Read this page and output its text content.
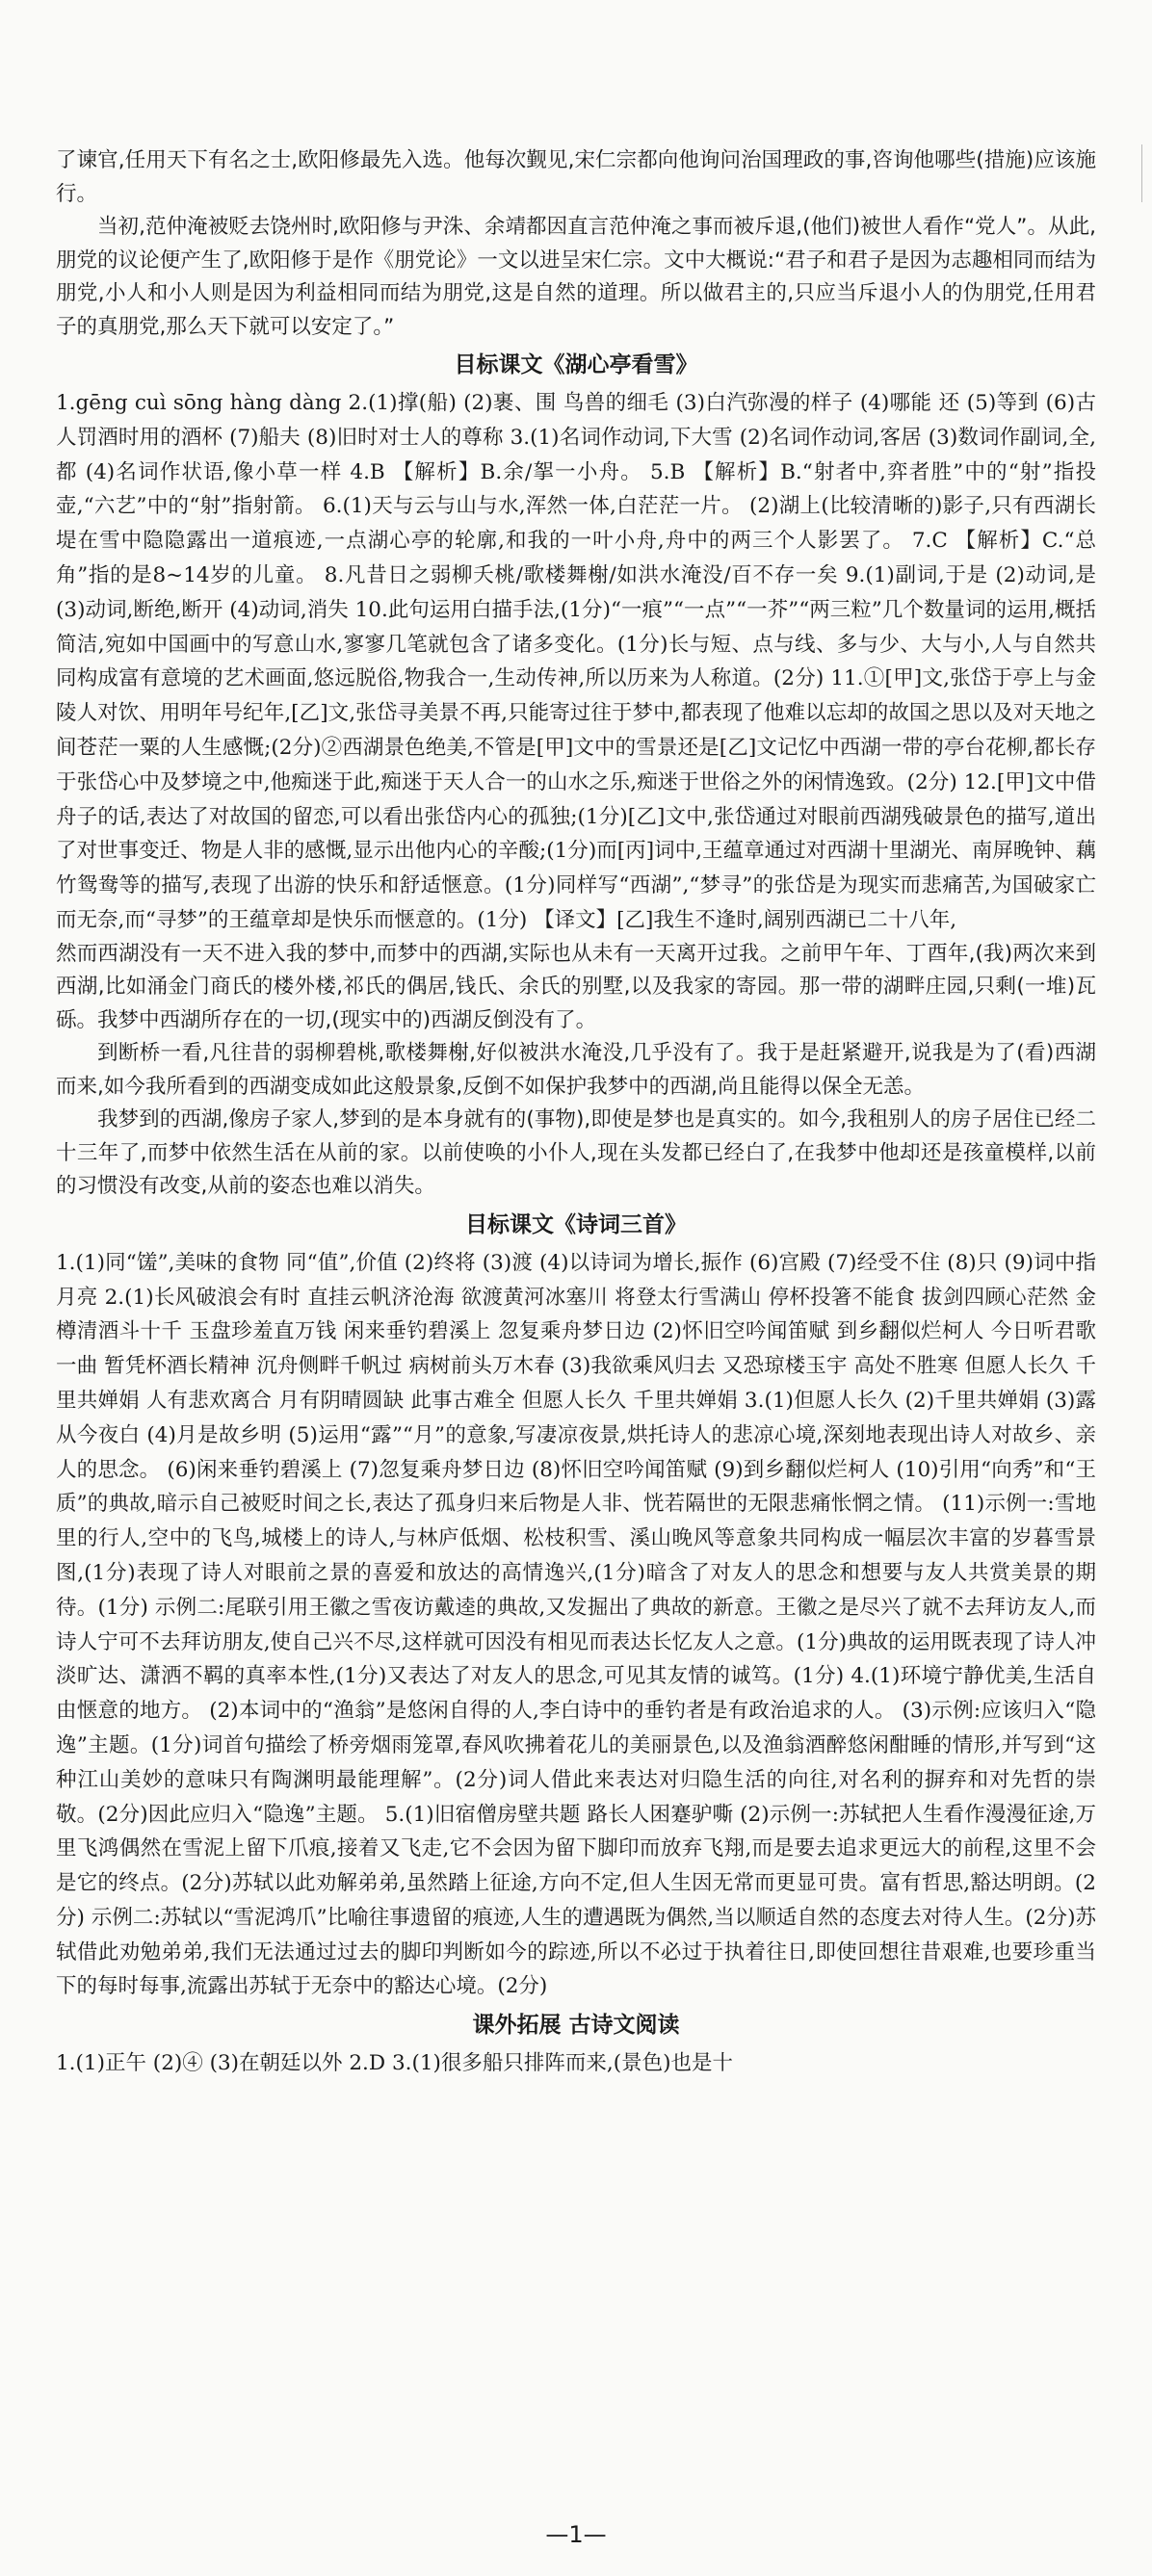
了谏官,任用天下有名之士,欧阳修最先入选。他每次觐见,宋仁宗都向他询问治国理政的事,咨询他哪些(措施)应该施行。

当初,范仲淹被贬去饶州时,欧阳修与尹洙、余靖都因直言范仲淹之事而被斥退,(他们)被世人看作“党人”。从此,朋党的议论便产生了,欧阳修于是作《朋党论》一文以进呈宋仁宗。文中大概说:“君子和君子是因为志趣相同而结为朋党,小人和小人则是因为利益相同而结为朋党,这是自然的道理。所以做君主的,只应当斥退小人的伪朋党,任用君子的真朋党,那么天下就可以安定了。”

目标课文《湖心亭看雪》

1.gēng cuì sōng hàng dàng 2.(1)撑(船) (2)裹、围 鸟兽的细毛 (3)白汽弥漫的样子 (4)哪能 还 (5)等到 (6)古人罚酒时用的酒杯 (7)船夫 (8)旧时对士人的尊称 3.(1)名词作动词,下大雪 (2)名词作动词,客居 (3)数词作副词,全,都 (4)名词作状语,像小草一样 4.B 【解析】B.余/挐一小舟。 5.B 【解析】B.“射者中,弈者胜”中的“射”指投壶,“六艺”中的“射”指射箭。 6.(1)天与云与山与水,浑然一体,白茫茫一片。 (2)湖上(比较清晰的)影子,只有西湖长堤在雪中隐隐露出一道痕迹,一点湖心亭的轮廓,和我的一叶小舟,舟中的两三个人影罢了。 7.C 【解析】C.“总角”指的是8~14岁的儿童。 8.凡昔日之弱柳夭桃/歌楼舞榭/如洪水淹没/百不存一矣 9.(1)副词,于是 (2)动词,是 (3)动词,断绝,断开 (4)动词,消失 10.此句运用白描手法,(1分)“一痕”“一点”“一芥”“两三粒”几个数量词的运用,概括简洁,宛如中国画中的写意山水,寥寥几笔就包含了诸多变化。(1分)长与短、点与线、多与少、大与小,人与自然共同构成富有意境的艺术画面,悠远脱俗,物我合一,生动传神,所以历来为人称道。(2分) 11.①[甲]文,张岱于亭上与金陵人对饮、用明年号纪年,[乙]文,张岱寻美景不再,只能寄过往于梦中,都表现了他难以忘却的故国之思以及对天地之间苍茫一粟的人生感慨;(2分)②西湖景色绝美,不管是[甲]文中的雪景还是[乙]文记忆中西湖一带的亭台花柳,都长存于张岱心中及梦境之中,他痴迷于此,痴迷于天人合一的山水之乐,痴迷于世俗之外的闲情逸致。(2分) 12.[甲]文中借舟子的话,表达了对故国的留恋,可以看出张岱内心的孤独;(1分)[乙]文中,张岱通过对眼前西湖残破景色的描写,道出了对世事变迁、物是人非的感慨,显示出他内心的辛酸;(1分)而[丙]词中,王蕴章通过对西湖十里湖光、南屏晚钟、藕竹鸳鸯等的描写,表现了出游的快乐和舒适惬意。(1分)同样写“西湖”,“梦寻”的张岱是为现实而悲痛苦,为国破家亡而无奈,而“寻梦”的王蕴章却是快乐而惬意的。(1分) 【译文】[乙]我生不逢时,阔别西湖已二十八年,

然而西湖没有一天不进入我的梦中,而梦中的西湖,实际也从未有一天离开过我。之前甲午年、丁酉年,(我)两次来到西湖,比如涌金门商氏的楼外楼,祁氏的偶居,钱氏、余氏的别墅,以及我家的寄园。那一带的湖畔庄园,只剩(一堆)瓦砾。我梦中西湖所存在的一切,(现实中的)西湖反倒没有了。

到断桥一看,凡往昔的弱柳碧桃,歌楼舞榭,好似被洪水淹没,几乎没有了。我于是赶紧避开,说我是为了(看)西湖而来,如今我所看到的西湖变成如此这般景象,反倒不如保护我梦中的西湖,尚且能得以保全无恙。

我梦到的西湖,像房子家人,梦到的是本身就有的(事物),即使是梦也是真实的。如今,我租别人的房子居住已经二十三年了,而梦中依然生活在从前的家。以前使唤的小仆人,现在头发都已经白了,在我梦中他却还是孩童模样,以前的习惯没有改变,从前的姿态也难以消失。

目标课文《诗词三首》

1.(1)同“馐”,美味的食物 同“值”,价值 (2)终将 (3)渡 (4)以诗词为增长,振作 (6)宫殿 (7)经受不住 (8)只 (9)词中指月亮 2.(1)长风破浪会有时 直挂云帆济沧海 欲渡黄河冰塞川 将登太行雪满山 停杯投箸不能食 拔剑四顾心茫然 金樽清酒斗十千 玉盘珍羞直万钱 闲来垂钓碧溪上 忽复乘舟梦日边 (2)怀旧空吟闻笛赋 到乡翻似烂柯人 今日听君歌一曲 暂凭杯酒长精神 沉舟侧畔千帆过 病树前头万木春 (3)我欲乘风归去 又恐琼楼玉宇 高处不胜寒 但愿人长久 千里共婵娟 人有悲欢离合 月有阴晴圆缺 此事古难全 但愿人长久 千里共婵娟 3.(1)但愿人长久 (2)千里共婵娟 (3)露从今夜白 (4)月是故乡明 (5)运用“露”“月”的意象,写凄凉夜景,烘托诗人的悲凉心境,深刻地表现出诗人对故乡、亲人的思念。 (6)闲来垂钓碧溪上 (7)忽复乘舟梦日边 (8)怀旧空吟闻笛赋 (9)到乡翻似烂柯人 (10)引用“向秀”和“王质”的典故,暗示自己被贬时间之长,表达了孤身归来后物是人非、恍若隔世的无限悲痛怅惘之情。 (11)示例一:雪地里的行人,空中的飞鸟,城楼上的诗人,与林庐低烟、松枝积雪、溪山晚风等意象共同构成一幅层次丰富的岁暮雪景图,(1分)表现了诗人对眼前之景的喜爱和放达的高情逸兴,(1分)暗含了对友人的思念和想要与友人共赏美景的期待。(1分) 示例二:尾联引用王徽之雪夜访戴逵的典故,又发掘出了典故的新意。王徽之是尽兴了就不去拜访友人,而诗人宁可不去拜访朋友,使自己兴不尽,这样就可因没有相见而表达长忆友人之意。(1分)典故的运用既表现了诗人冲淡旷达、潇洒不羁的真率本性,(1分)又表达了对友人的思念,可见其友情的诚笃。(1分) 4.(1)环境宁静优美,生活自由惬意的地方。 (2)本词中的“渔翁”是悠闲自得的人,李白诗中的垂钓者是有政治追求的人。 (3)示例:应该归入“隐逸”主题。(1分)词首句描绘了桥旁烟雨笼罩,春风吹拂着花儿的美丽景色,以及渔翁酒醉悠闲酣睡的情形,并写到“这种江山美妙的意味只有陶渊明最能理解”。(2分)词人借此来表达对归隐生活的向往,对名利的摒弃和对先哲的崇敬。(2分)因此应归入“隐逸”主题。 5.(1)旧宿僧房壁共题 路长人困蹇驴嘶 (2)示例一:苏轼把人生看作漫漫征途,万里飞鸿偶然在雪泥上留下爪痕,接着又飞走,它不会因为留下脚印而放弃飞翔,而是要去追求更远大的前程,这里不会是它的终点。(2分)苏轼以此劝解弟弟,虽然踏上征途,方向不定,但人生因无常而更显可贵。富有哲思,豁达明朗。(2分) 示例二:苏轼以“雪泥鸿爪”比喻往事遗留的痕迹,人生的遭遇既为偶然,当以顺适自然的态度去对待人生。(2分)苏轼借此劝勉弟弟,我们无法通过过去的脚印判断如今的踪迹,所以不必过于执着往日,即使回想往昔艰难,也要珍重当下的每时每事,流露出苏轼于无奈中的豁达心境。(2分)

课外拓展 古诗文阅读

1.(1)正午 (2)④ (3)在朝廷以外 2.D 3.(1)很多船只排阵而来,(景色)也是十

—1—
